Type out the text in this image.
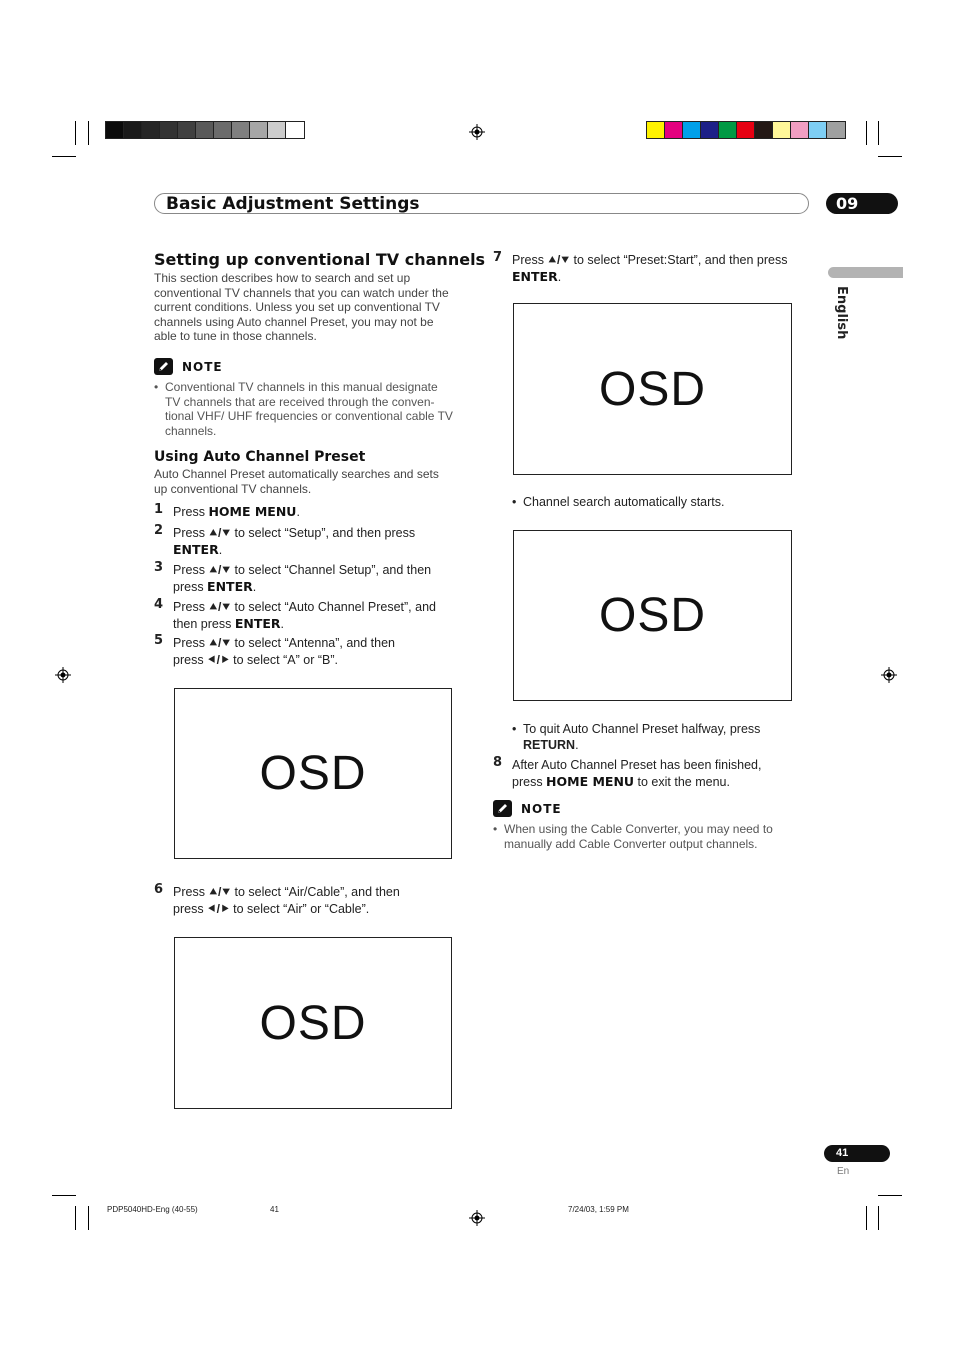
Basic Adjustment Settings	09
English
Setting up conventional TV channels
This section describes how to search and set up
conventional TV channels that you can watch under the
current conditions. Unless you set up conventional TV
channels using Auto channel Preset, you may not be
able to tune in those channels.
NOTE
• Conventional TV channels in this manual designate
TV channels that are received through the conven-
tional VHF/ UHF frequencies or conventional cable TV
channels.
Using Auto Channel Preset
Auto Channel Preset automatically searches and sets
up conventional TV channels.
1 Press HOME MENU.
2 Press ⯅/⯆ to select “Setup”, and then press
ENTER.
3 Press ⯅/⯆ to select “Channel Setup”, and then
press ENTER.
4 Press ⯅/⯆ to select “Auto Channel Preset”, and
then press ENTER.
5 Press ⯅/⯆ to select “Antenna”, and then
press ⯇/⯈ to select “A” or “B”.
OSD
6 Press ⯅/⯆ to select “Air/Cable”, and then
press ⯇/⯈ to select “Air” or “Cable”.
OSD
7 Press ⯅/⯆ to select “Preset:Start”, and then press
ENTER.
OSD
• Channel search automatically starts.
OSD
• To quit Auto Channel Preset halfway, press
RETURN.
8 After Auto Channel Preset has been finished,
press HOME MENU to exit the menu.
NOTE
• When using the Cable Converter, you may need to
manually add Cable Converter output channels.
41
En
PDP5040HD-Eng (40-55)	41	7/24/03, 1:59 PM
